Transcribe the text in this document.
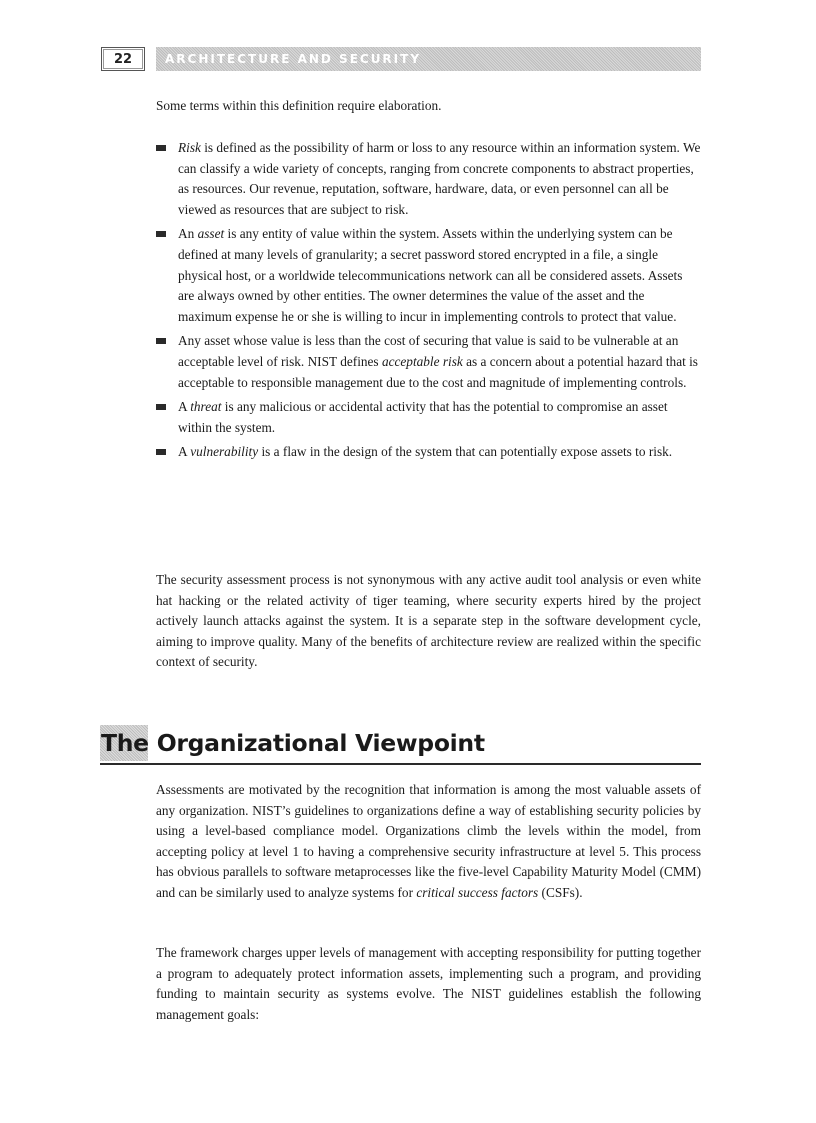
22	ARCHITECTURE AND SECURITY

Some terms within this definition require elaboration.

Risk is defined as the possibility of harm or loss to any resource within an information system. We can classify a wide variety of concepts, ranging from concrete components to abstract properties, as resources. Our revenue, reputation, software, hardware, data, or even personnel can all be viewed as resources that are subject to risk.
An asset is any entity of value within the system. Assets within the underlying system can be defined at many levels of granularity; a secret password stored encrypted in a file, a single physical host, or a worldwide telecommunications network can all be considered assets. Assets are always owned by other entities. The owner determines the value of the asset and the maximum expense he or she is willing to incur in implementing controls to protect that value.
Any asset whose value is less than the cost of securing that value is said to be vulnerable at an acceptable level of risk. NIST defines acceptable risk as a concern about a potential hazard that is acceptable to responsible management due to the cost and magnitude of implementing controls.
A threat is any malicious or accidental activity that has the potential to compromise an asset within the system.
A vulnerability is a flaw in the design of the system that can potentially expose assets to risk.

The security assessment process is not synonymous with any active audit tool analysis or even white hat hacking or the related activity of tiger teaming, where security experts hired by the project actively launch attacks against the system. It is a separate step in the software development cycle, aiming to improve quality. Many of the benefits of architecture review are realized within the specific context of security.

The Organizational Viewpoint

Assessments are motivated by the recognition that information is among the most valuable assets of any organization. NIST’s guidelines to organizations define a way of establishing security policies by using a level-based compliance model. Organizations climb the levels within the model, from accepting policy at level 1 to having a comprehensive security infrastructure at level 5. This process has obvious parallels to software metaprocesses like the five-level Capability Maturity Model (CMM) and can be similarly used to analyze systems for critical success factors (CSFs).

The framework charges upper levels of management with accepting responsibility for putting together a program to adequately protect information assets, implementing such a program, and providing funding to maintain security as systems evolve. The NIST guidelines establish the following management goals:
